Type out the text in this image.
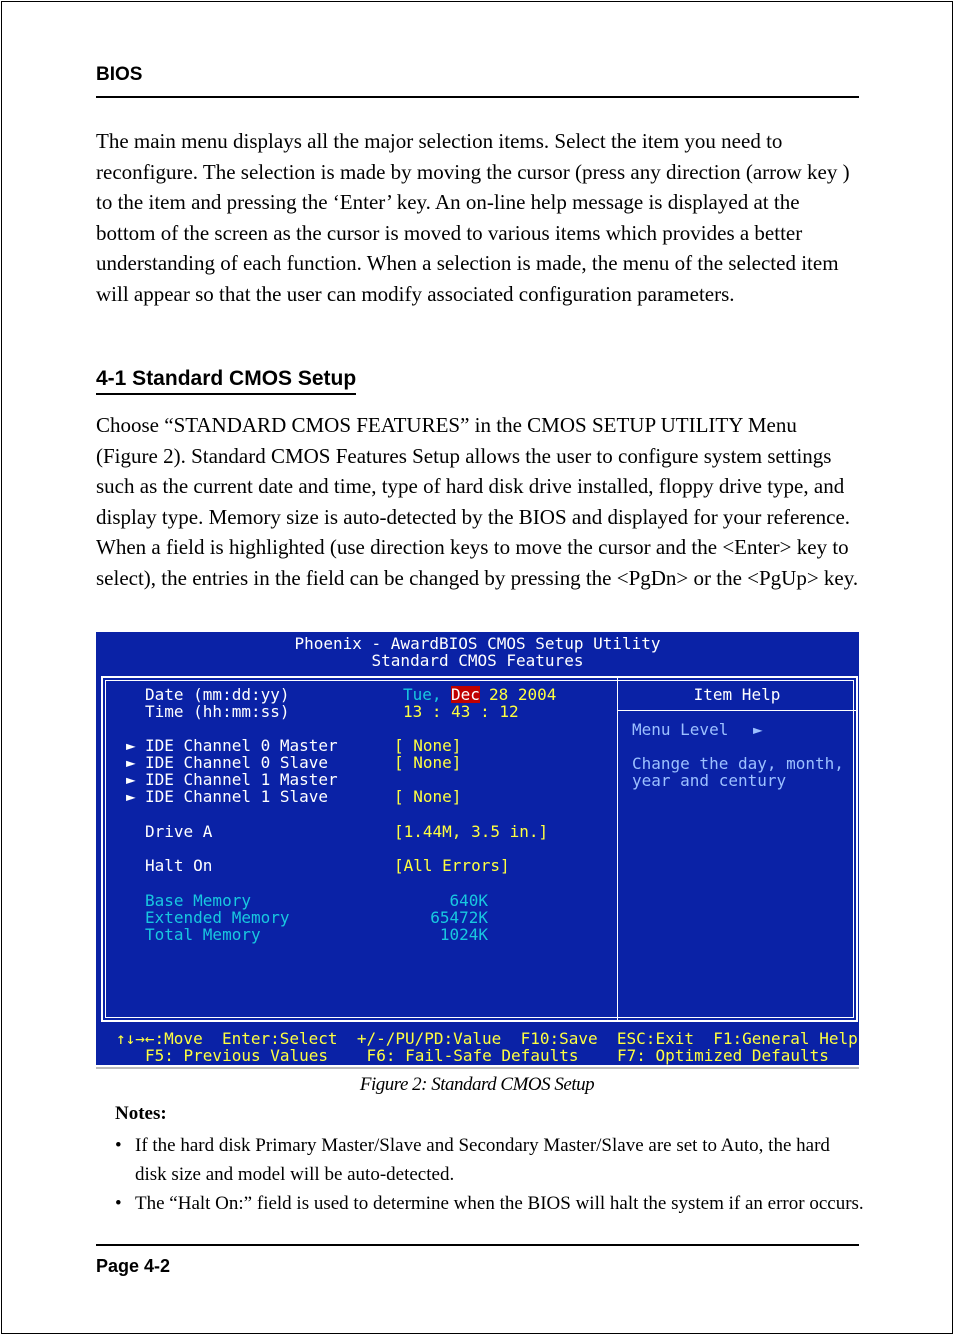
BIOS

The main menu displays all the major selection items. Select the item you need to reconfigure. The selection is made by moving the cursor (press any direction (arrow key ) to the item and pressing the ‘Enter’ key. An on-line help message is displayed at the bottom of the screen as the cursor is moved to various items which provides a better understanding of each function. When a selection is made, the menu of the selected item will appear so that the user can modify associated configuration parameters.

4-1 Standard CMOS Setup

Choose “STANDARD CMOS FEATURES” in the CMOS SETUP UTILITY Menu (Figure 2). Standard CMOS Features Setup allows the user to configure system settings such as the current date and time, type of hard disk drive installed, floppy drive type, and display type. Memory size is auto-detected by the BIOS and displayed for your reference. When a field is highlighted (use direction keys to move the cursor and the <Enter> key to select), the entries in the field can be changed by pressing the <PgDn> or the <PgUp> key.

Phoenix - AwardBIOS CMOS Setup Utility
Standard CMOS Features
Date (mm:dd:yy)	Tue, Dec 28 2004
Time (hh:mm:ss)	13 : 43 : 12
► IDE Channel 0 Master	[ None]
► IDE Channel 0 Slave	[ None]
► IDE Channel 1 Master
► IDE Channel 1 Slave	[ None]
Drive A	[1.44M, 3.5 in.]
Halt On	[All Errors]
Base Memory	640K
Extended Memory	65472K
Total Memory	1024K
Item Help
Menu Level ►
Change the day, month,
year and century
↑↓→←:Move  Enter:Select  +/-/PU/PD:Value  F10:Save  ESC:Exit  F1:General Help
F5: Previous Values    F6: Fail-Safe Defaults    F7: Optimized Defaults
Figure 2: Standard CMOS Setup
Notes:
• If the hard disk Primary Master/Slave and Secondary Master/Slave are set to Auto, the hard disk size and model will be auto-detected.
• The “Halt On:” field is used to determine when the BIOS will halt the system if an error occurs.
Page 4-2
